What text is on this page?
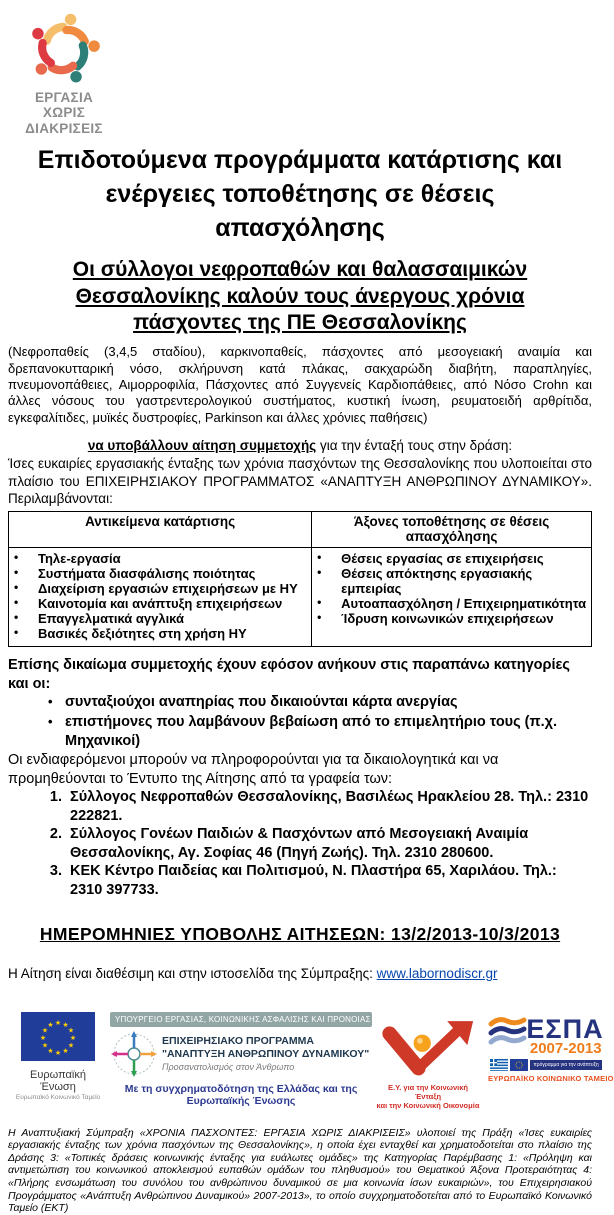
ΕΡΓΑΣΙΑ
ΧΩΡΙΣ
ΔΙΑΚΡΙΣΕΙΣ
Επιδοτούμενα προγράμματα κατάρτισης και ενέργειες τοποθέτησης σε θέσεις απασχόλησης
Οι σύλλογοι νεφροπαθών και θαλασσαιμικών Θεσσαλονίκης καλούν τους άνεργους χρόνια πάσχοντες της ΠΕ Θεσσαλονίκης

(Νεφροπαθείς (3,4,5 σταδίου), καρκινοπαθείς, πάσχοντες από μεσογειακή αναιμία και δρεπανοκυτταρική νόσο, σκλήρυνση κατά πλάκας, σακχαρώδη διαβήτη, παραπληγίες, πνευμονοπάθειες, Αιμορροφιλία, Πάσχοντες από Συγγενείς Καρδιοπάθειες, από Νόσο Crohn και άλλες νόσους του γαστρεντερολογικού συστήματος, κυστική ίνωση, ρευματοειδή αρθρίτιδα, εγκεφαλίτιδες, μυϊκές δυστροφίες, Parkinson και άλλες χρόνιες παθήσεις)

να υποβάλλουν αίτηση συμμετοχής για την ένταξή τους στην δράση:

Ίσες ευκαιρίες εργασιακής ένταξης των χρόνια πασχόντων της Θεσσαλονίκης που υλοποιείται στο πλαίσιο του ΕΠΙΧΕΙΡΗΣΙΑΚΟΥ ΠΡΟΓΡΑΜΜΑΤΟΣ «ΑΝΑΠΤΥΞΗ ΑΝΘΡΩΠΙΝΟΥ ΔΥΝΑΜΙΚΟΥ». Περιλαμβάνονται:

Αντικείμενα κατάρτισης	Άξονες τοποθέτησης σε θέσεις απασχόλησης

• Τηλε-εργασία
• Συστήματα διασφάλισης ποιότητας
• Διαχείριση εργασιών επιχειρήσεων με ΗΥ
• Καινοτομία και ανάπτυξη επιχειρήσεων
• Επαγγελματικά αγγλικά
• Βασικές δεξιότητες στη χρήση ΗΥ

• Θέσεις εργασίας σε επιχειρήσεις
• Θέσεις απόκτησης εργασιακής εμπειρίας
• Αυτοαπασχόληση / Επιχειρηματικότητα
• Ίδρυση κοινωνικών επιχειρήσεων

Επίσης δικαίωμα συμμετοχής έχουν εφόσον ανήκουν στις παραπάνω κατηγορίες και οι:

• συνταξιούχοι αναπηρίας που δικαιούνται κάρτα ανεργίας
• επιστήμονες που λαμβάνουν βεβαίωση από το επιμελητήριο τους (π.χ. Μηχανικοί)

Οι ενδιαφερόμενοι μπορούν να πληροφορούνται για τα δικαιολογητικά και να προμηθεύονται το Έντυπο της Αίτησης από τα γραφεία των:

1. Σύλλογος Νεφροπαθών Θεσσαλονίκης, Βασιλέως Ηρακλείου 28. Τηλ.: 2310 222821.
2. Σύλλογος Γονέων Παιδιών & Πασχόντων από Μεσογειακή Αναιμία Θεσσαλονίκης, Αγ. Σοφίας 46 (Πηγή Ζωής). Τηλ. 2310 280600.
3. ΚΕΚ Κέντρο Παιδείας και Πολιτισμού, Ν. Πλαστήρα 65, Χαριλάου. Τηλ.: 2310 397733.

ΗΜΕΡΟΜΗΝΙΕΣ ΥΠΟΒΟΛΗΣ ΑΙΤΗΣΕΩΝ: 13/2/2013-10/3/2013

Η Αίτηση είναι διαθέσιμη και στην ιστοσελίδα της Σύμπραξης: www.labornodiscr.gr

★ ★
★
★
★
★
★
★
★
★
★
★
Ευρωπαϊκή Ένωση
Ευρωπαϊκό Κοινωνικό Ταμείο
ΥΠΟΥΡΓΕΙΟ ΕΡΓΑΣΙΑΣ, ΚΟΙΝΩΝΙΚΗΣ ΑΣΦΑΛΙΣΗΣ ΚΑΙ ΠΡΟΝΟΙΑΣ
ΕΠΙΧΕΙΡΗΣΙΑΚΟ ΠΡΟΓΡΑΜΜΑ
"ΑΝΑΠΤΥΞΗ ΑΝΘΡΩΠΙΝΟΥ ΔΥΝΑΜΙΚΟΥ"
Προσανατολισμός στον Άνθρωπο
Με τη συγχρηματοδότηση της Ελλάδας και της Ευρωπαϊκής Ένωσης
Ε.Υ. για την Κοινωνική Ένταξη
και την Κοινωνική Οικονομία
ΕΣΠΑ
2007-2013
πρόγραμμα για την ανάπτυξη
ΕΥΡΩΠΑΪΚΟ ΚΟΙΝΩΝΙΚΟ ΤΑΜΕΙΟ

Η Αναπτυξιακή Σύμπραξη «ΧΡΟΝΙΑ ΠΑΣΧΟΝΤΕΣ: ΕΡΓΑΣΙΑ ΧΩΡΙΣ ΔΙΑΚΡΙΣΕΙΣ» υλοποιεί της Πράξη «Ίσες ευκαιρίες εργασιακής ένταξης των χρόνια πασχόντων της Θεσσαλονίκης», η οποία έχει ενταχθεί και χρηματοδοτείται στο πλαίσιο της Δράσης 3: «Τοπικές δράσεις κοινωνικής ένταξης για ευάλωτες ομάδες» της Κατηγορίας Παρέμβασης 1: «Πρόληψη και αντιμετώπιση του κοινωνικού αποκλεισμού ευπαθών ομάδων του πληθυσμού» του Θεματικού Άξονα Προτεραιότητας 4: «Πλήρης ενσωμάτωση του συνόλου του ανθρώπινου δυναμικού σε μια κοινωνία ίσων ευκαιριών», του Επιχειρησιακού Προγράμματος «Ανάπτυξη Ανθρώπινου Δυναμικού» 2007-2013», το οποίο συγχρηματοδοτείται από το Ευρωπαϊκό Κοινωνικό Ταμείο (ΕΚΤ)
